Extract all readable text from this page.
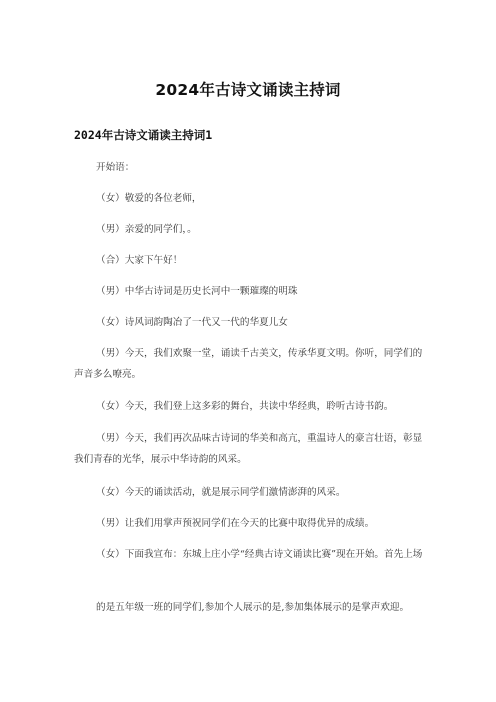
2024年古诗文诵读主持词
2024年古诗文诵读主持词1

开始语：

（女）敬爱的各位老师，

（男）亲爱的同学们，。

（合）大家下午好！

（男）中华古诗词是历史长河中一颗璀璨的明珠

（女）诗风词韵陶冶了一代又一代的华夏儿女

（男）今天，我们欢聚一堂，诵读千古美文，传承华夏文明。你听，同学们的声音多么嘹亮。

（女）今天，我们登上这多彩的舞台，共读中华经典，聆听古诗书韵。

（男）今天，我们再次品味古诗词的华美和高亢，重温诗人的豪言壮语，彰显我们青春的光华，展示中华诗韵的风采。

（女）今天的诵读活动，就是展示同学们激情澎湃的风采。

（男）让我们用掌声预祝同学们在今天的比赛中取得优异的成绩。

（女）下面我宣布：东城上庄小学“经典古诗文诵读比赛”现在开始。首先上场

的是五年级一班的同学们,参加个人展示的是,参加集体展示的是掌声欢迎。
